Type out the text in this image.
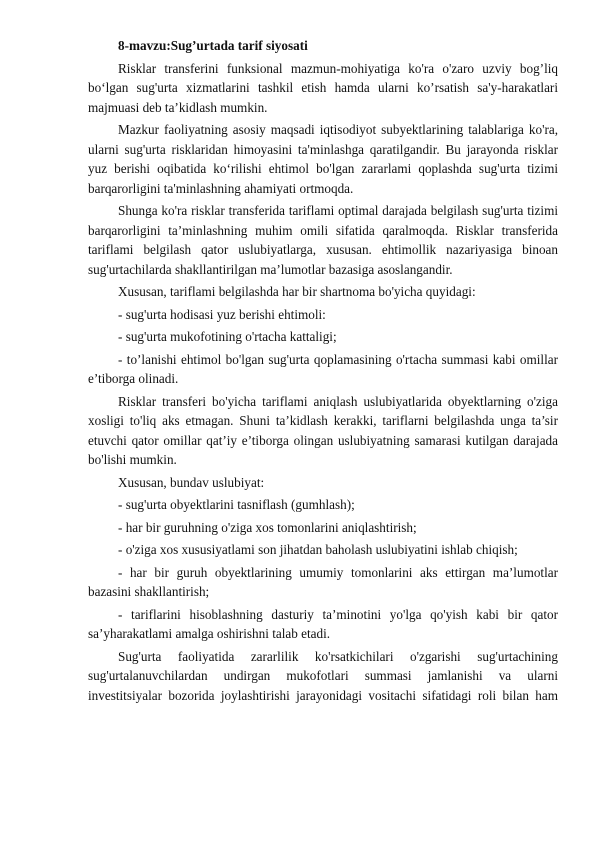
8-mavzu:Sug’urtada tarif siyosati

Risklar transferini funksional mazmun-mohiyatiga ko'ra o'zaro uzviy bog’liq bo‘lgan sug'urta xizmatlarini tashkil etish hamda ularni ko’rsatish sa'y-harakatlari majmuasi deb ta’kidlash mumkin.

Mazkur faoliyatning asosiy maqsadi iqtisodiyot subyektlarining talablariga ko'ra, ularni sug'urta risklaridan himoyasini ta'minlashga qaratilgandir. Bu jarayonda risklar yuz berishi oqibatida ko‘rilishi ehtimol bo'lgan zararlami qoplashda sug'urta tizimi barqarorligini ta'minlashning ahamiyati ortmoqda.

Shunga ko'ra risklar transferida tariflami optimal darajada belgilash sug'urta tizimi barqarorligini ta’minlashning muhim omili sifatida qaralmoqda. Risklar transferida tariflami belgilash qator uslubiyatlarga, xususan. ehtimollik nazariyasiga binoan sug'urtachilarda shakllantirilgan ma’lumotlar bazasiga asoslangandir.

Xususan, tariflami belgilashda har bir shartnoma bo'yicha quyidagi:

- sug'urta hodisasi yuz berishi ehtimoli:

- sug'urta mukofotining o'rtacha kattaligi;

- to’lanishi ehtimol bo'lgan sug'urta qoplamasining o'rtacha summasi kabi omillar e’tiborga olinadi.

Risklar transferi bo'yicha tariflami aniqlash uslubiyatlarida obyektlarning o'ziga xosligi to'liq aks etmagan. Shuni ta’kidlash kerakki, tariflarni belgilashda unga ta’sir etuvchi qator omillar qat’iy e’tiborga olingan uslubiyatning samarasi kutilgan darajada bo'lishi mumkin.

Xususan, bundav uslubiyat:

- sug'urta obyektlarini tasniflash (gumhlash);

- har bir guruhning o'ziga xos tomonlarini aniqlashtirish;

- o'ziga xos xususiyatlami son jihatdan baholash uslubiyatini ishlab chiqish;

- har bir guruh obyektlarining umumiy tomonlarini aks ettirgan ma’lumotlar bazasini shakllantirish;

- tariflarini hisoblashning dasturiy ta’minotini yo'lga qo'yish kabi bir qator sa’yharakatlami amalga oshirishni talab etadi.

Sug'urta faoliyatida zararlilik ko'rsatkichilari o'zgarishi sug'urtachining sug'urtalanuvchilardan undirgan mukofotlari summasi jamlanishi va ularni investitsiyalar bozorida joylashtirishi jarayonidagi vositachi sifatidagi roli bilan ham
